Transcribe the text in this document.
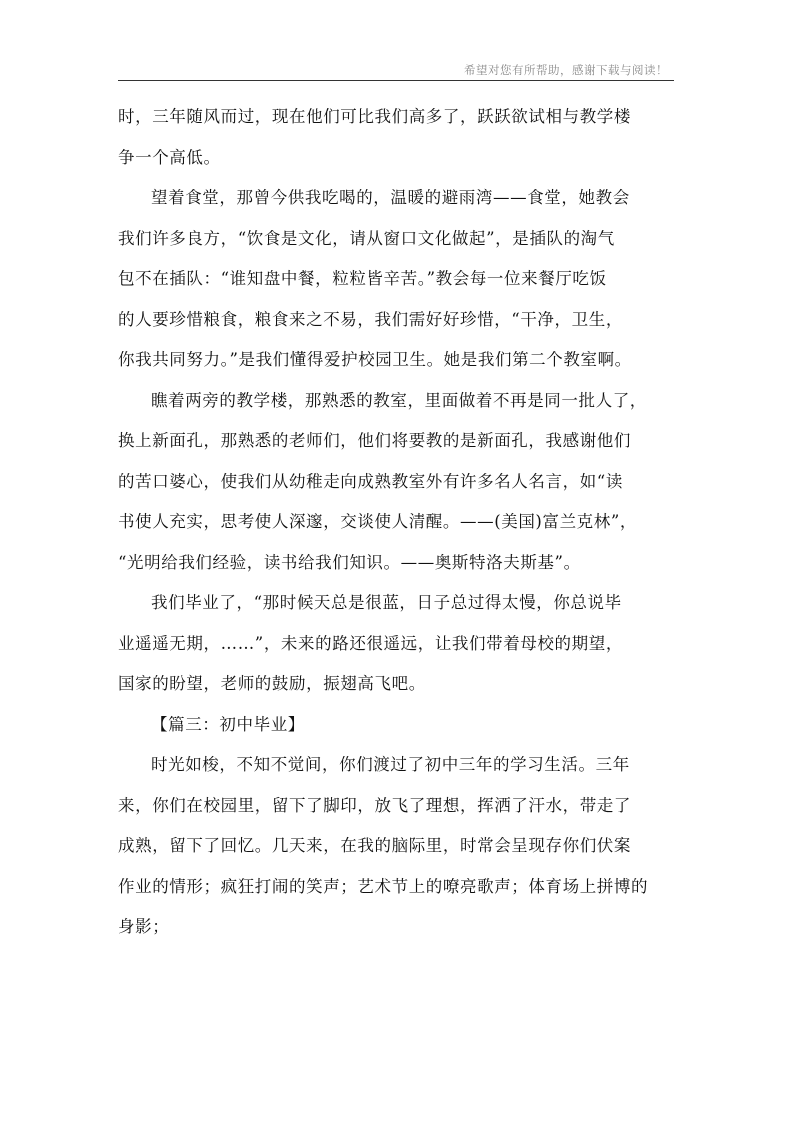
希望对您有所帮助，感谢下载与阅读！
时，三年随风而过，现在他们可比我们高多了，跃跃欲试相与教学楼
争一个高低。
望着食堂，那曾今供我吃喝的，温暖的避雨湾——食堂，她教会
我们许多良方，“饮食是文化，请从窗口文化做起”，是插队的淘气
包不在插队：“谁知盘中餐，粒粒皆辛苦。”教会每一位来餐厅吃饭
的人要珍惜粮食，粮食来之不易，我们需好好珍惜，“干净，卫生，
你我共同努力。”是我们懂得爱护校园卫生。她是我们第二个教室啊。
瞧着两旁的教学楼，那熟悉的教室，里面做着不再是同一批人了，
换上新面孔，那熟悉的老师们，他们将要教的是新面孔，我感谢他们
的苦口婆心，使我们从幼稚走向成熟教室外有许多名人名言，如“读
书使人充实，思考使人深邃，交谈使人清醒。——(美国)富兰克林”，
“光明给我们经验，读书给我们知识。——奥斯特洛夫斯基”。
我们毕业了，“那时候天总是很蓝，日子总过得太慢，你总说毕
业遥遥无期，……”，未来的路还很遥远，让我们带着母校的期望，
国家的盼望，老师的鼓励，振翅高飞吧。
【篇三：初中毕业】
时光如梭，不知不觉间，你们渡过了初中三年的学习生活。三年
来，你们在校园里，留下了脚印，放飞了理想，挥洒了汗水，带走了
成熟，留下了回忆。几天来，在我的脑际里，时常会呈现存你们伏案
作业的情形；疯狂打闹的笑声；艺术节上的嘹亮歌声；体育场上拼博的
身影；
